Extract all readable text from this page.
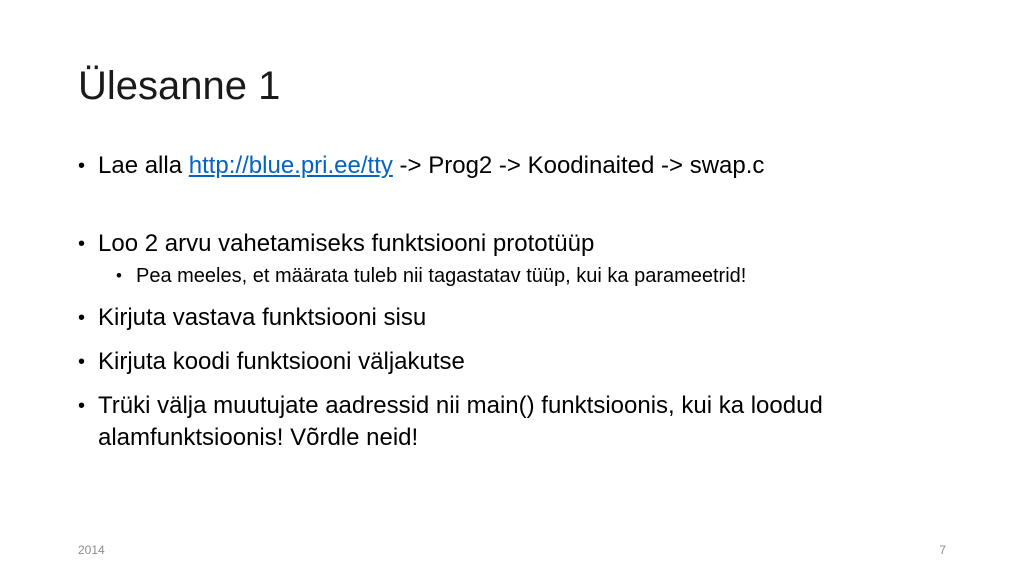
Ülesanne 1
• Lae alla http://blue.pri.ee/tty -> Prog2 -> Koodinaited -> swap.c
• Loo 2 arvu vahetamiseks funktsiooni prototüüp
• Pea meeles, et määrata tuleb nii tagastatav tüüp, kui ka parameetrid!
• Kirjuta vastava funktsiooni sisu
• Kirjuta koodi funktsiooni väljakutse
• Trüki välja muutujate aadressid nii main() funktsioonis, kui ka loodud alamfunktsioonis! Võrdle neid!
2014	7
